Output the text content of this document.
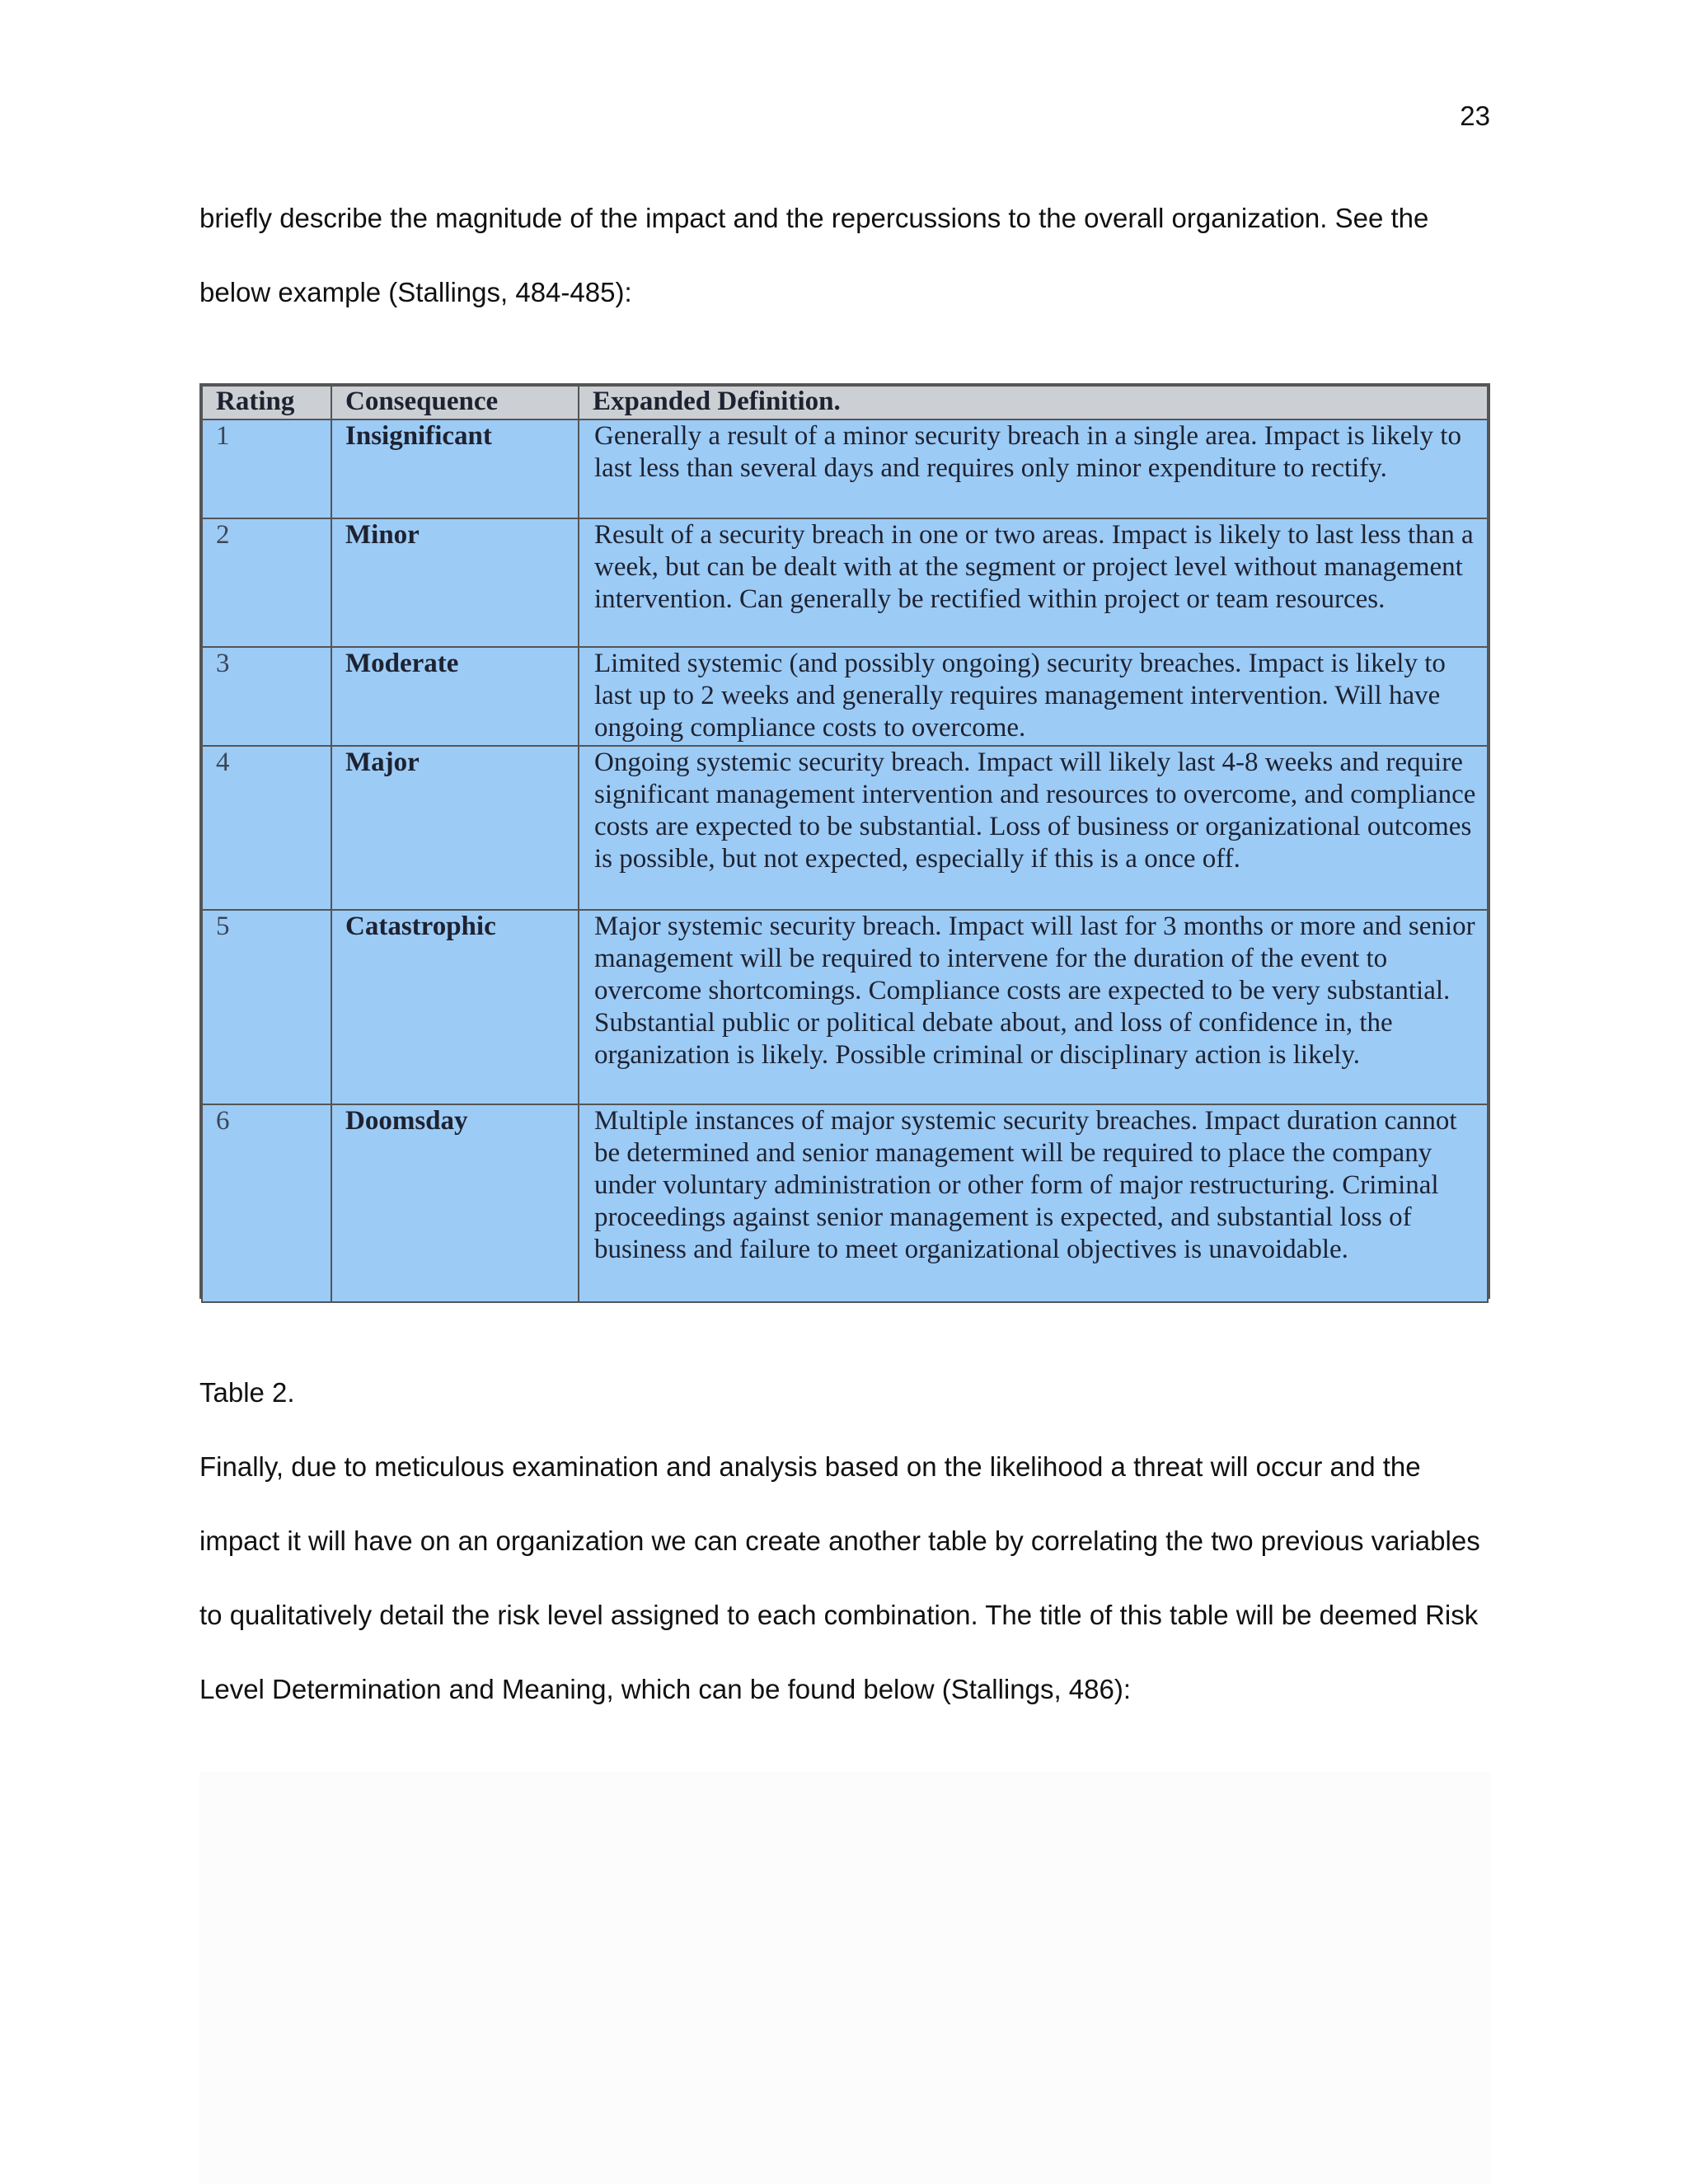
23

briefly describe the magnitude of the impact and the repercussions to the overall organization. See the below example (Stallings, 484-485):

Rating	Consequence	Expanded Definition.
1	Insignificant	Generally a result of a minor security breach in a single area. Impact is likely to last less than several days and requires only minor expenditure to rectify.
2	Minor	Result of a security breach in one or two areas. Impact is likely to last less than a week, but can be dealt with at the segment or project level without management intervention. Can generally be rectified within project or team resources.
3	Moderate	Limited systemic (and possibly ongoing) security breaches. Impact is likely to last up to 2 weeks and generally requires management intervention. Will have ongoing compliance costs to overcome.
4	Major	Ongoing systemic security breach. Impact will likely last 4-8 weeks and require significant management intervention and resources to overcome, and compliance costs are expected to be substantial. Loss of business or organizational outcomes is possible, but not expected, especially if this is a once off.
5	Catastrophic	Major systemic security breach. Impact will last for 3 months or more and senior management will be required to intervene for the duration of the event to overcome shortcomings. Compliance costs are expected to be very substantial. Substantial public or political debate about, and loss of confidence in, the organization is likely. Possible criminal or disciplinary action is likely.
6	Doomsday	Multiple instances of major systemic security breaches. Impact duration cannot be determined and senior management will be required to place the company under voluntary administration or other form of major restructuring. Criminal proceedings against senior management is expected, and substantial loss of business and failure to meet organizational objectives is unavoidable.

Table 2.

Finally, due to meticulous examination and analysis based on the likelihood a threat will occur and the impact it will have on an organization we can create another table by correlating the two previous variables to qualitatively detail the risk level assigned to each combination. The title of this table will be deemed Risk Level Determination and Meaning, which can be found below (Stallings, 486):
